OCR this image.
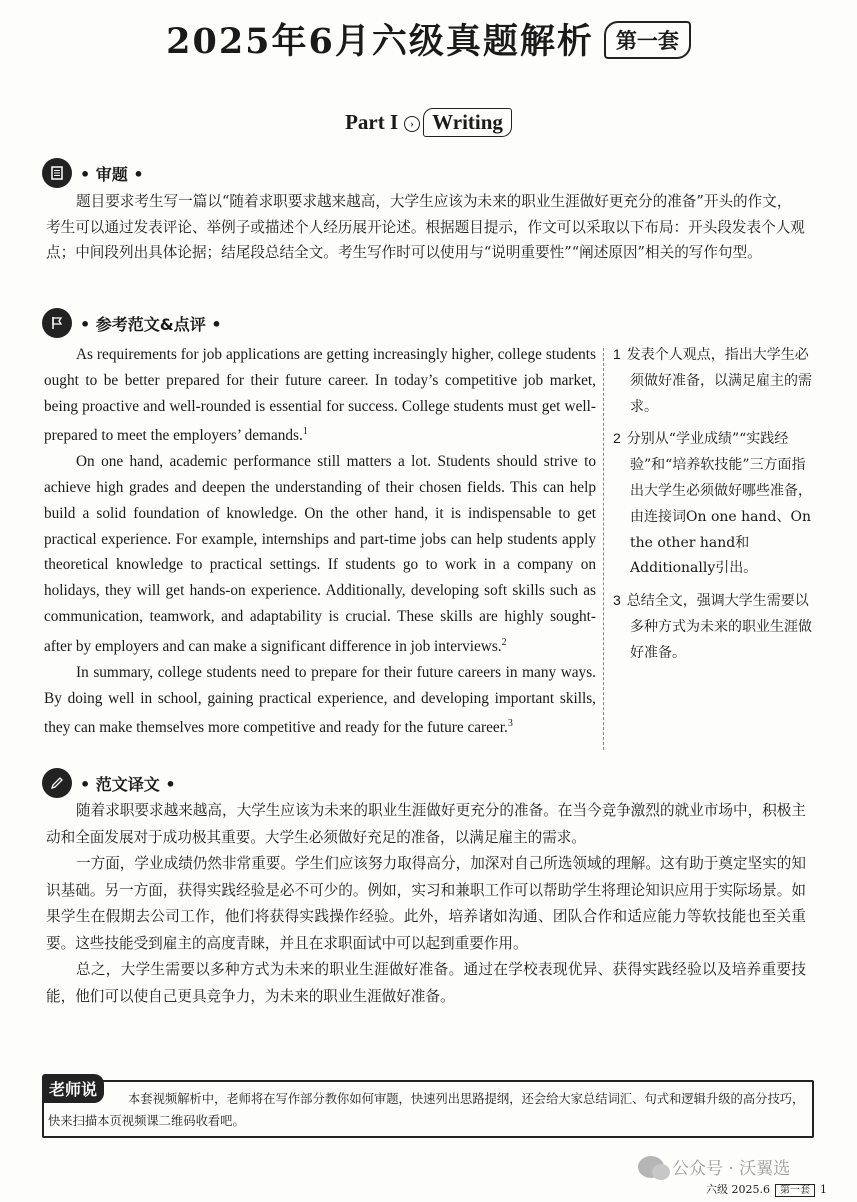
2025年6月六级真题解析 第一套
Part I › Writing
• 审题 •

题目要求考生写一篇以“随着求职要求越来越高，大学生应该为未来的职业生涯做好更充分的准备”开头的作文，考生可以通过发表评论、举例子或描述个人经历展开论述。根据题目提示，作文可以采取以下布局：开头段发表个人观点；中间段列出具体论据；结尾段总结全文。考生写作时可以使用与“说明重要性”“阐述原因”相关的写作句型。

• 参考范文&点评 •

As requirements for job applications are getting increasingly higher, college students ought to be better prepared for their future career. In today’s competitive job market, being proactive and well-rounded is essential for success. College students must get well-prepared to meet the employers’ demands.$^1$

On one hand, academic performance still matters a lot. Students should strive to achieve high grades and deepen the understanding of their chosen fields. This can help build a solid foundation of knowledge. On the other hand, it is indispensable to get practical experience. For example, internships and part-time jobs can help students apply theoretical knowledge to practical settings. If students go to work in a company on holidays, they will get hands-on experience. Additionally, developing soft skills such as communication, teamwork, and adaptability is crucial. These skills are highly sought-after by employers and can make a significant difference in job interviews.$^2$

In summary, college students need to prepare for their future careers in many ways. By doing well in school, gaining practical experience, and developing important skills, they can make themselves more competitive and ready for the future career.$^3$

1 发表个人观点，指出大学生必须做好准备，以满足雇主的需求。
2 分别从“学业成绩”“实践经验”和“培养软技能”三方面指出大学生必须做好哪些准备，由连接词On one hand、On the other hand和Additionally引出。
3 总结全文，强调大学生需要以多种方式为未来的职业生涯做好准备。
• 范文译文 •

随着求职要求越来越高，大学生应该为未来的职业生涯做好更充分的准备。在当今竞争激烈的就业市场中，积极主动和全面发展对于成功极其重要。大学生必须做好充足的准备，以满足雇主的需求。

一方面，学业成绩仍然非常重要。学生们应该努力取得高分，加深对自己所选领域的理解。这有助于奠定坚实的知识基础。另一方面，获得实践经验是必不可少的。例如，实习和兼职工作可以帮助学生将理论知识应用于实际场景。如果学生在假期去公司工作，他们将获得实践操作经验。此外，培养诸如沟通、团队合作和适应能力等软技能也至关重要。这些技能受到雇主的高度青睐，并且在求职面试中可以起到重要作用。

总之，大学生需要以多种方式为未来的职业生涯做好准备。通过在学校表现优异、获得实践经验以及培养重要技能，他们可以使自己更具竞争力，为未来的职业生涯做好准备。

老师说	本套视频解析中，老师将在写作部分教你如何审题，快速列出思路提纲，还会给大家总结词汇、句式和逻辑升级的高分技巧，快来扫描本页视频课二维码收看吧。

公众号 · 沃翼选
六级 2025.6 第一套 1
